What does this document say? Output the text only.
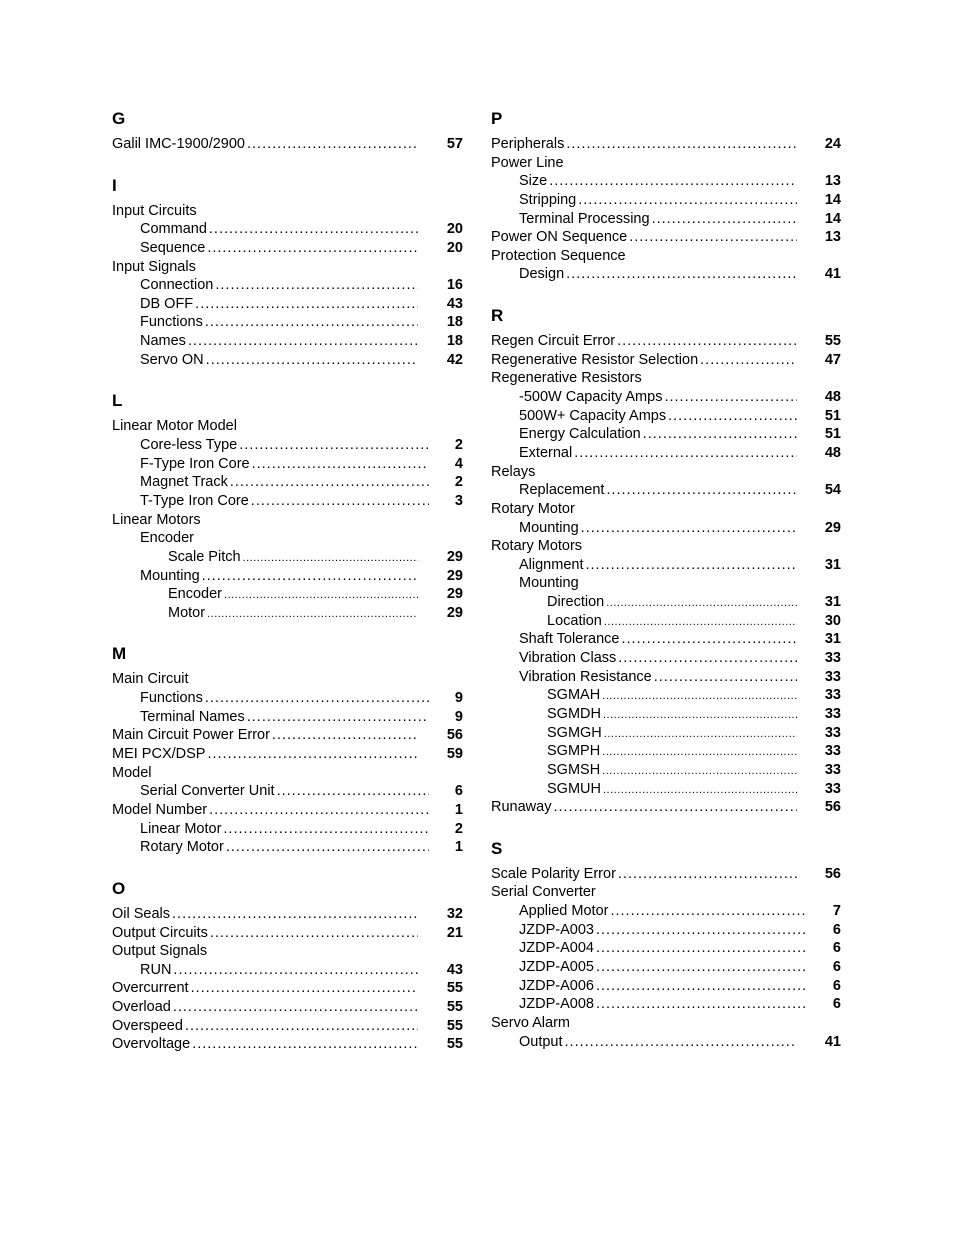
G
Galil IMC-1900/2900 .....	57
I
Input Circuits
Command .....	20
Sequence .....	20
Input Signals
Connection .....	16
DB OFF .....	43
Functions .....	18
Names .....	18
Servo ON .....	42
L
Linear Motor Model
Core-less Type .....	2
F-Type Iron Core .....	4
Magnet Track .....	2
T-Type Iron Core .....	3
Linear Motors
Encoder
Scale Pitch .....	29
Mounting .....	29
Encoder .....	29
Motor .....	29
M
Main Circuit
Functions .....	9
Terminal Names .....	9
Main Circuit Power Error .....	56
MEI PCX/DSP .....	59
Model
Serial Converter Unit .....	6
Model Number .....	1
Linear Motor .....	2
Rotary Motor .....	1
O
Oil Seals .....	32
Output Circuits .....	21
Output Signals
RUN .....	43
Overcurrent .....	55
Overload .....	55
Overspeed .....	55
Overvoltage .....	55
P
Peripherals .....	24
Power Line
Size .....	13
Stripping .....	14
Terminal Processing .....	14
Power ON Sequence .....	13
Protection Sequence
Design .....	41
R
Regen Circuit Error .....	55
Regenerative Resistor Selection .....	47
Regenerative Resistors
-500W Capacity Amps .....	48
500W+ Capacity Amps .....	51
Energy Calculation .....	51
External .....	48
Relays
Replacement .....	54
Rotary Motor
Mounting .....	29
Rotary Motors
Alignment .....	31
Mounting
Direction .....	31
Location .....	30
Shaft Tolerance .....	31
Vibration Class .....	33
Vibration Resistance .....	33
SGMAH .....	33
SGMDH .....	33
SGMGH .....	33
SGMPH .....	33
SGMSH .....	33
SGMUH .....	33
Runaway .....	56
S
Scale Polarity Error .....	56
Serial Converter
Applied Motor .....	7
JZDP-A003 .....	6
JZDP-A004 .....	6
JZDP-A005 .....	6
JZDP-A006 .....	6
JZDP-A008 .....	6
Servo Alarm
Output .....	41
